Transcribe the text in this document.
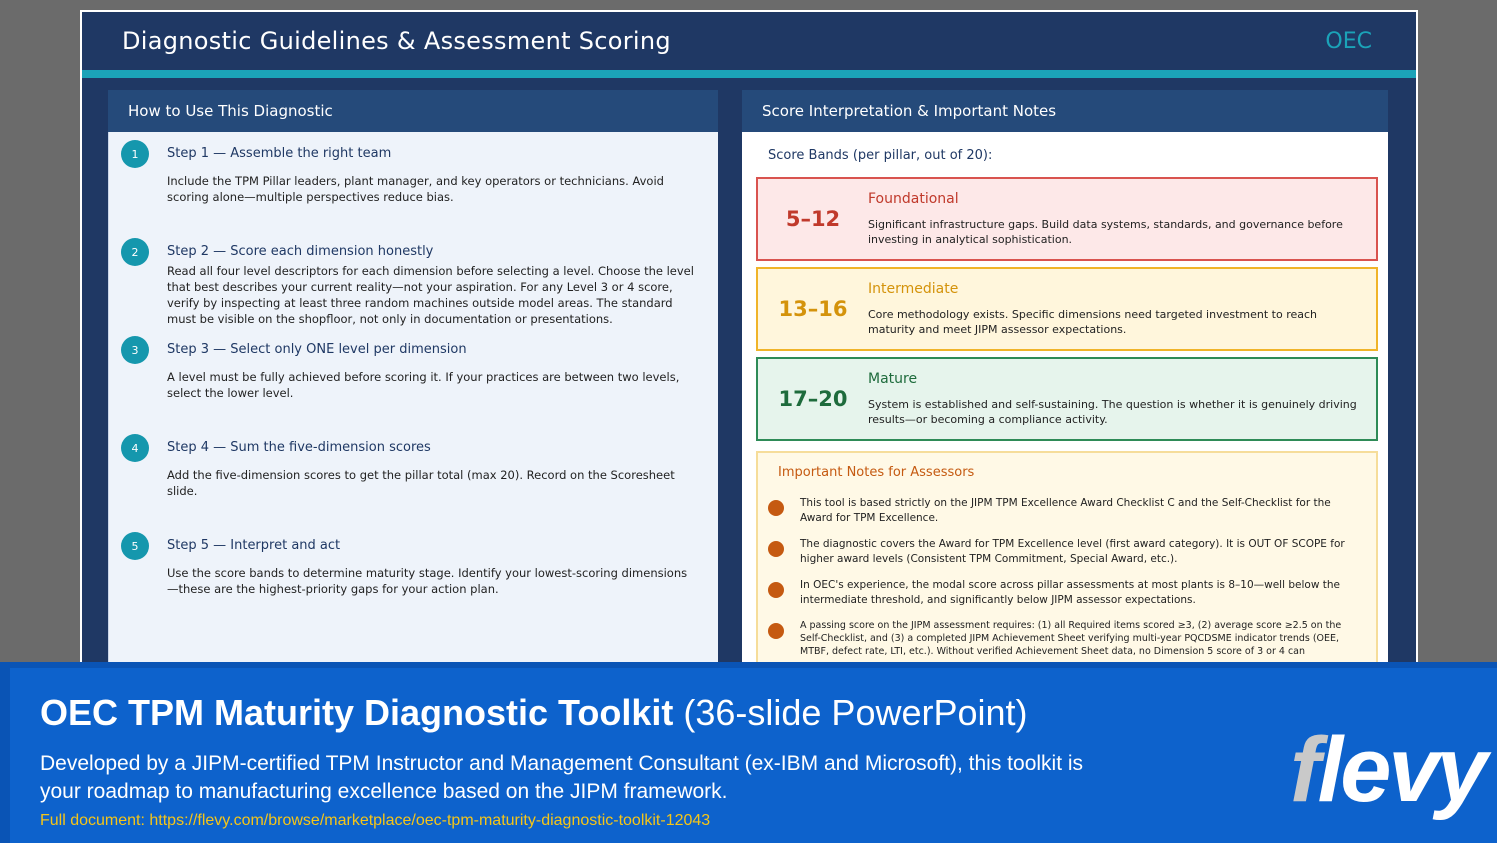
Diagnostic Guidelines & Assessment Scoring	OEC
How to Use This Diagnostic
1	Step 1 — Assemble the right team
Include the TPM Pillar leaders, plant manager, and key operators or technicians. Avoid scoring alone—multiple perspectives reduce bias.
2	Step 2 — Score each dimension honestly
Read all four level descriptors for each dimension before selecting a level. Choose the level that best describes your current reality—not your aspiration. For any Level 3 or 4 score, verify by inspecting at least three random machines outside model areas. The standard must be visible on the shopfloor, not only in documentation or presentations.
3	Step 3 — Select only ONE level per dimension
A level must be fully achieved before scoring it. If your practices are between two levels, select the lower level.
4	Step 4 — Sum the five-dimension scores
Add the five-dimension scores to get the pillar total (max 20). Record on the Scoresheet slide.
5	Step 5 — Interpret and act
Use the score bands to determine maturity stage. Identify your lowest-scoring dimensions—these are the highest-priority gaps for your action plan.
Score Interpretation & Important Notes
Score Bands (per pillar, out of 20):
5–12
Foundational
Significant infrastructure gaps. Build data systems, standards, and governance before investing in analytical sophistication.
13–16
Intermediate
Core methodology exists. Specific dimensions need targeted investment to reach maturity and meet JIPM assessor expectations.
17–20
Mature
System is established and self-sustaining. The question is whether it is genuinely driving results—or becoming a compliance activity.
Important Notes for Assessors
This tool is based strictly on the JIPM TPM Excellence Award Checklist C and the Self-Checklist for the Award for TPM Excellence.
The diagnostic covers the Award for TPM Excellence level (first award category). It is OUT OF SCOPE for higher award levels (Consistent TPM Commitment, Special Award, etc.).
In OEC's experience, the modal score across pillar assessments at most plants is 8–10—well below the intermediate threshold, and significantly below JIPM assessor expectations.
A passing score on the JIPM assessment requires: (1) all Required items scored ≥3, (2) average score ≥2.5 on the Self-Checklist, and (3) a completed JIPM Achievement Sheet verifying multi-year PQCDSME indicator trends (OEE, MTBF, defect rate, LTI, etc.). Without verified Achievement Sheet data, no Dimension 5 score of 3 or 4 can
OEC TPM Maturity Diagnostic Toolkit (36-slide PowerPoint)
Developed by a JIPM-certified TPM Instructor and Management Consultant (ex-IBM and Microsoft), this toolkit is your roadmap to manufacturing excellence based on the JIPM framework.
Full document: https://flevy.com/browse/marketplace/oec-tpm-maturity-diagnostic-toolkit-12043	flevy
